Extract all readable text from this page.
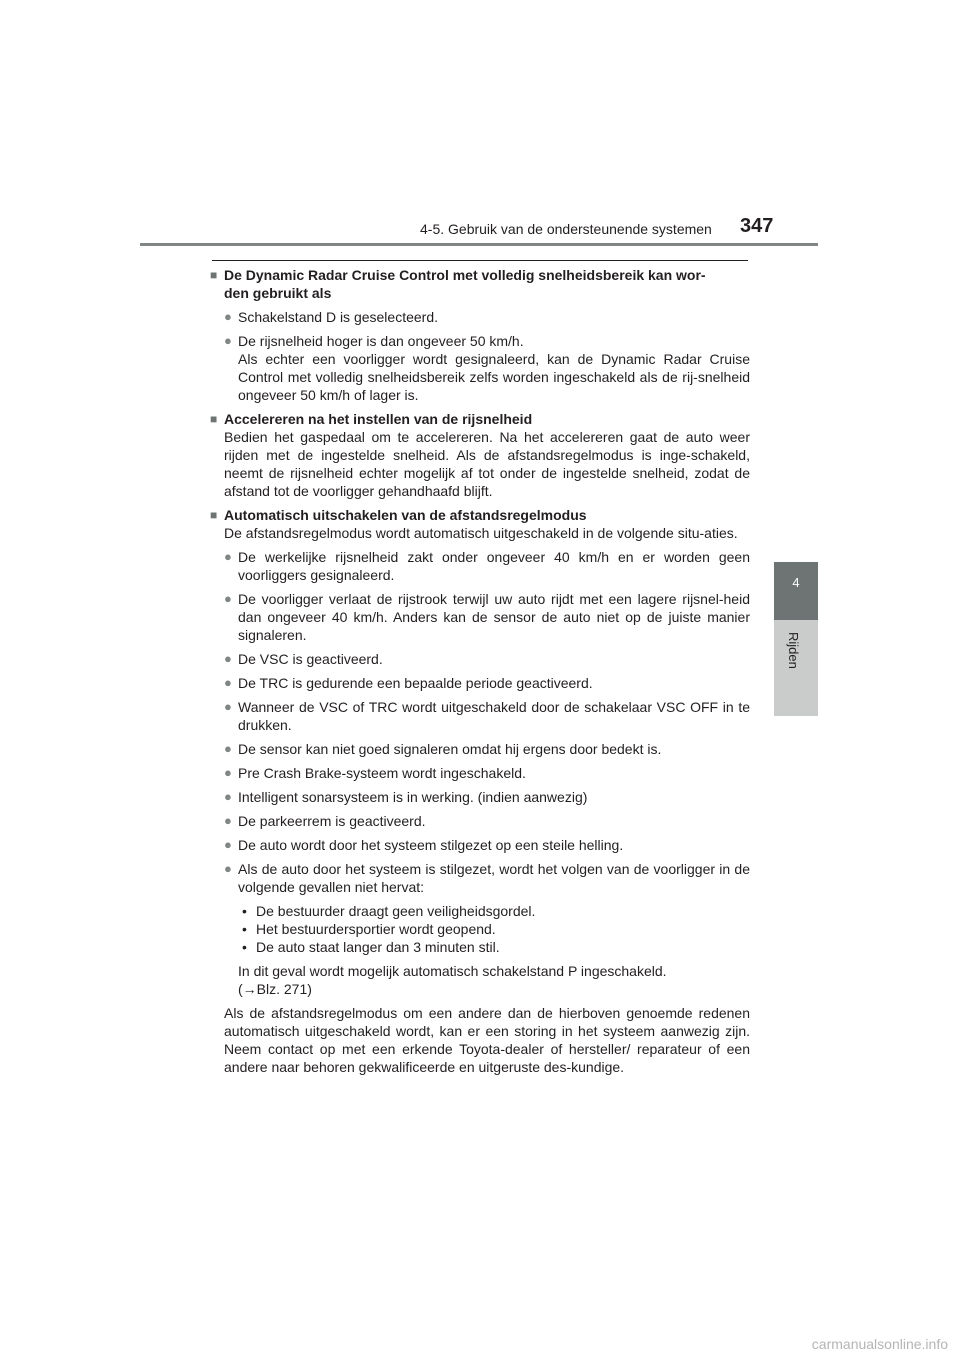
4-5. Gebruik van de ondersteunende systemen 347
4
Rijden
■ De Dynamic Radar Cruise Control met volledig snelheidsbereik kan wor-
den gebruikt als
● Schakelstand D is geselecteerd.
● De rijsnelheid hoger is dan ongeveer 50 km/h.
Als echter een voorligger wordt gesignaleerd, kan de Dynamic Radar Cruise Control met volledig snelheidsbereik zelfs worden ingeschakeld als de rij-snelheid ongeveer 50 km/h of lager is.
■ Accelereren na het instellen van de rijsnelheid
Bedien het gaspedaal om te accelereren. Na het accelereren gaat de auto weer rijden met de ingestelde snelheid. Als de afstandsregelmodus is inge-schakeld, neemt de rijsnelheid echter mogelijk af tot onder de ingestelde snelheid, zodat de afstand tot de voorligger gehandhaafd blijft.
■ Automatisch uitschakelen van de afstandsregelmodus
De afstandsregelmodus wordt automatisch uitgeschakeld in de volgende situ-aties.
● De werkelijke rijsnelheid zakt onder ongeveer 40 km/h en er worden geen voorliggers gesignaleerd.
● De voorligger verlaat de rijstrook terwijl uw auto rijdt met een lagere rijsnel-heid dan ongeveer 40 km/h. Anders kan de sensor de auto niet op de juiste manier signaleren.
● De VSC is geactiveerd.
● De TRC is gedurende een bepaalde periode geactiveerd.
● Wanneer de VSC of TRC wordt uitgeschakeld door de schakelaar VSC OFF in te drukken.
● De sensor kan niet goed signaleren omdat hij ergens door bedekt is.
● Pre Crash Brake-systeem wordt ingeschakeld.
● Intelligent sonarsysteem is in werking. (indien aanwezig)
● De parkeerrem is geactiveerd.
● De auto wordt door het systeem stilgezet op een steile helling.
● Als de auto door het systeem is stilgezet, wordt het volgen van de voorligger in de volgende gevallen niet hervat:
• De bestuurder draagt geen veiligheidsgordel.
• Het bestuurdersportier wordt geopend.
• De auto staat langer dan 3 minuten stil.
In dit geval wordt mogelijk automatisch schakelstand P ingeschakeld.
(→Blz. 271)
Als de afstandsregelmodus om een andere dan de hierboven genoemde redenen automatisch uitgeschakeld wordt, kan er een storing in het systeem aanwezig zijn. Neem contact op met een erkende Toyota-dealer of hersteller/ reparateur of een andere naar behoren gekwalificeerde en uitgeruste des-kundige.
carmanualsonline.info
